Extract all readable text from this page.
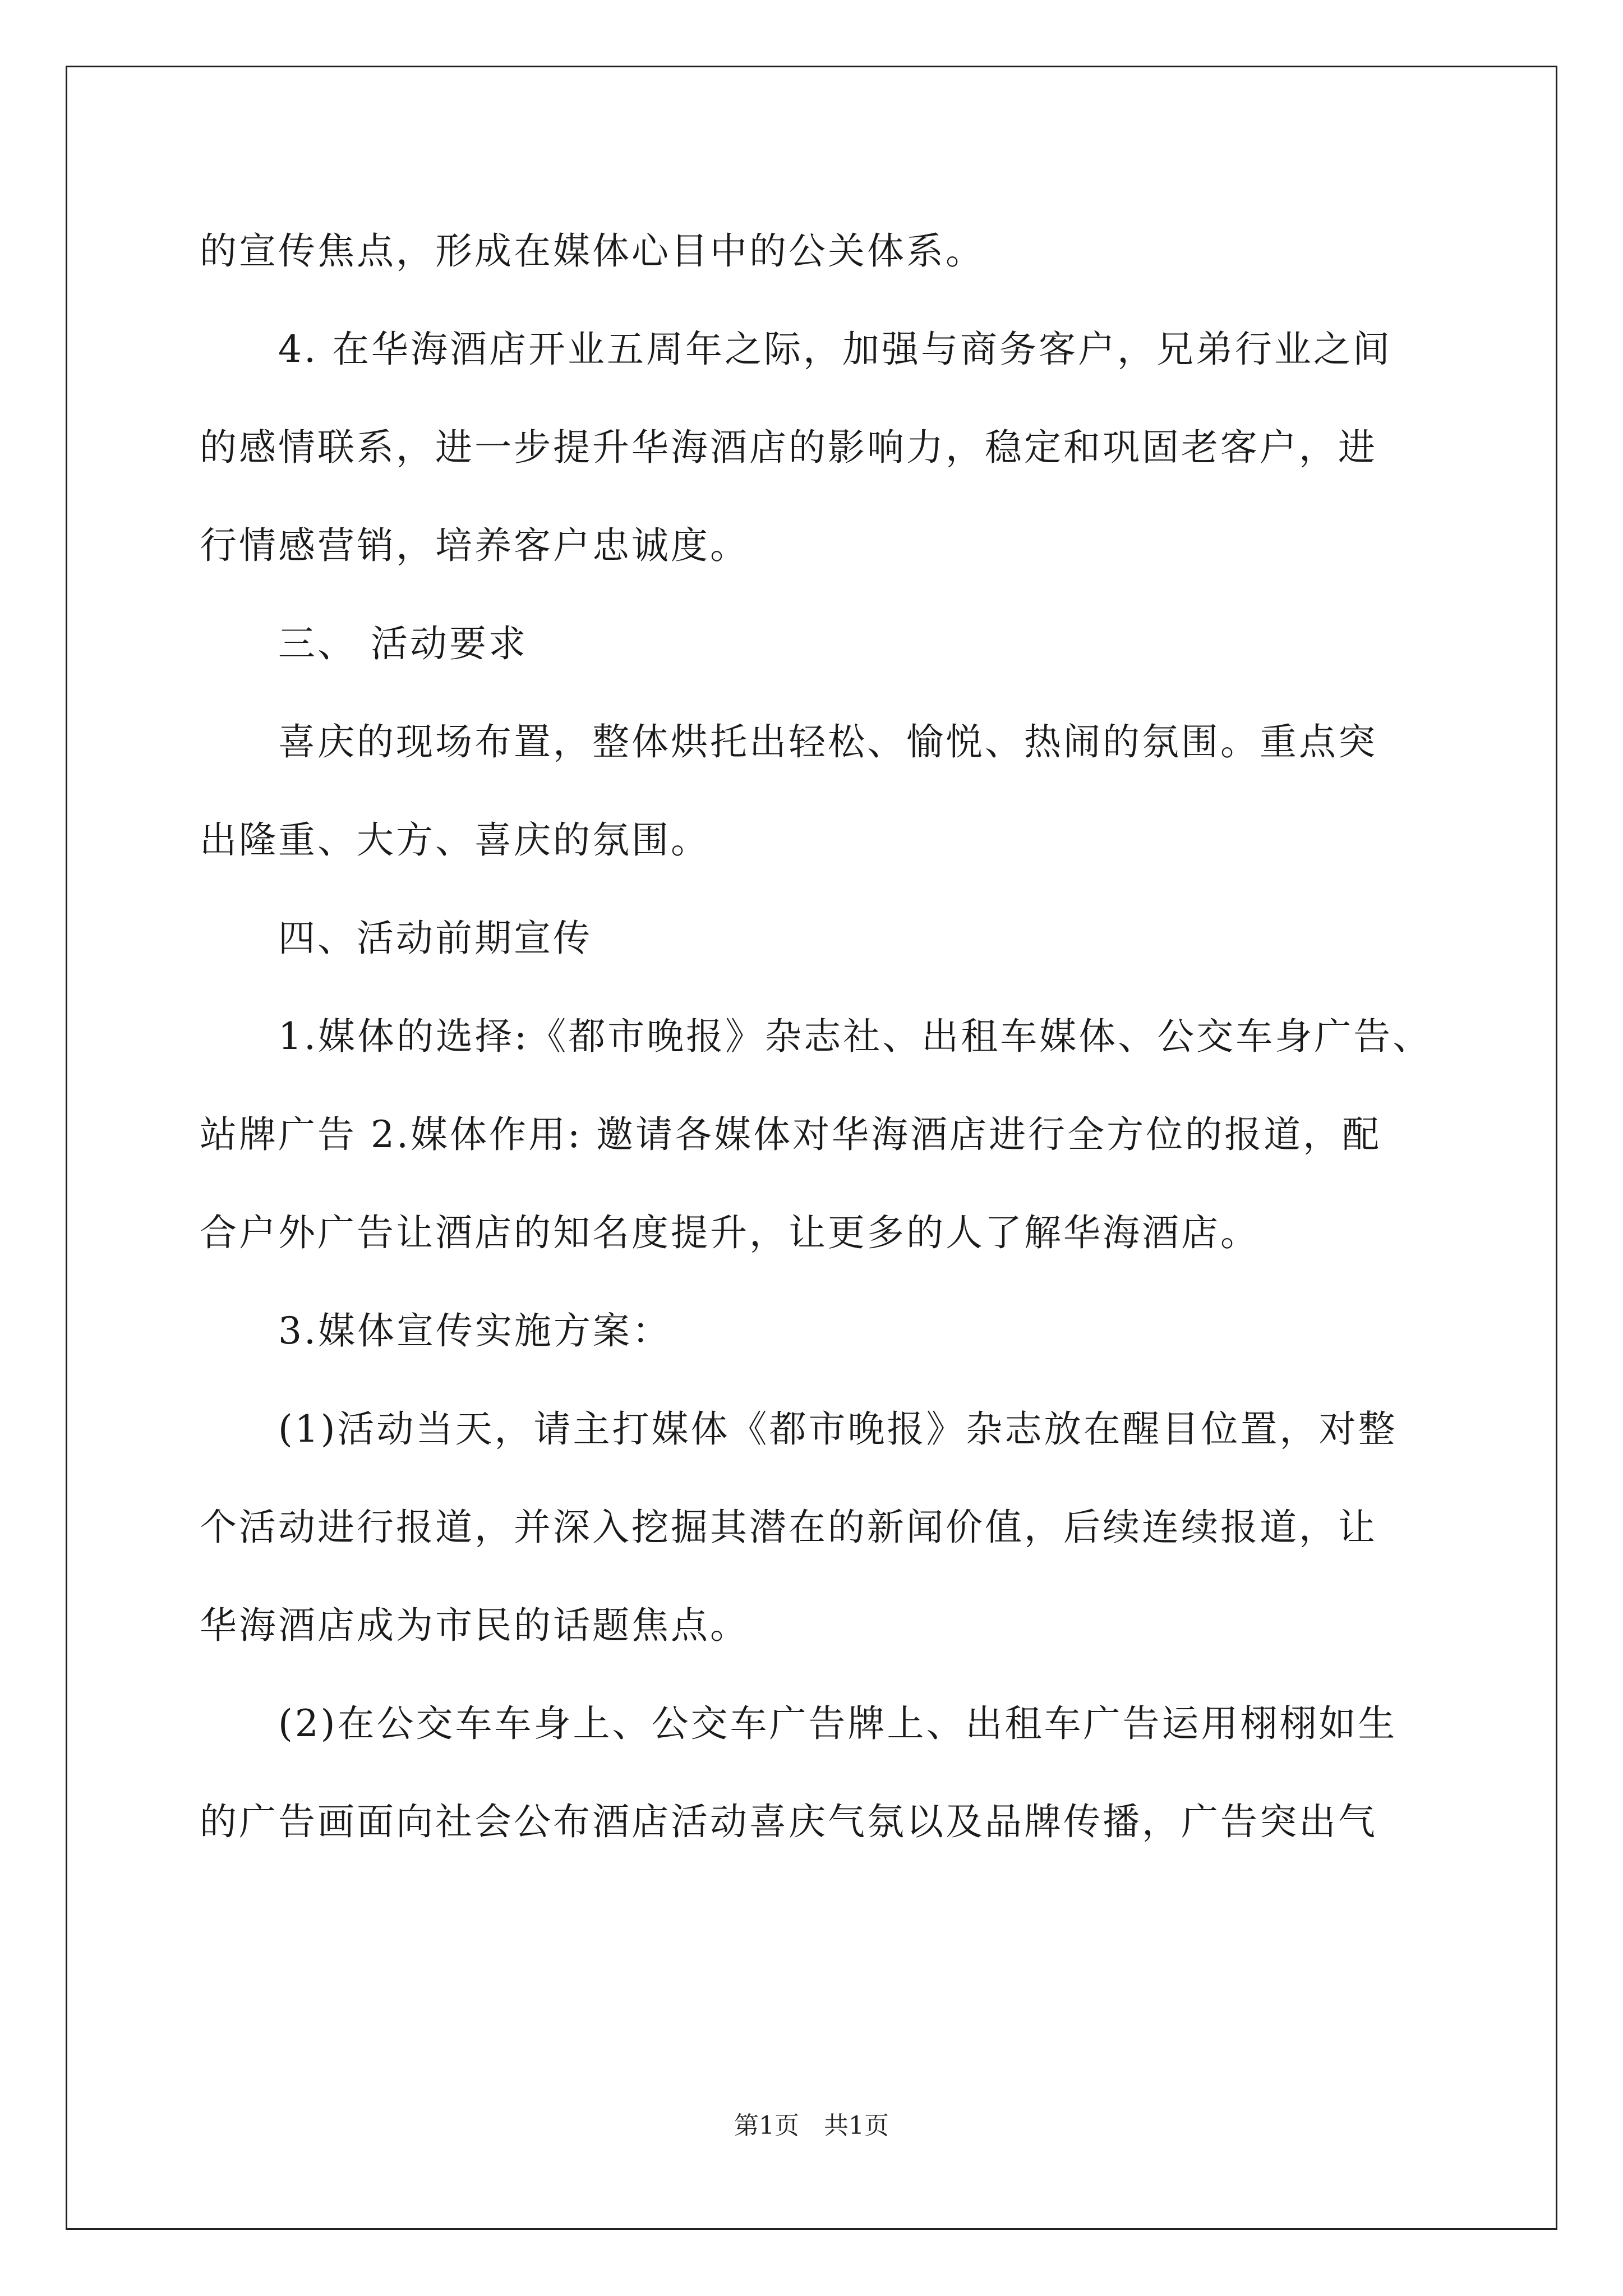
的宣传焦点，形成在媒体心目中的公关体系。
4. 在华海酒店开业五周年之际，加强与商务客户，兄弟行业之间
的感情联系，进一步提升华海酒店的影响力，稳定和巩固老客户，进
行情感营销，培养客户忠诚度。
三、 活动要求
喜庆的现场布置，整体烘托出轻松、愉悦、热闹的氛围。重点突
出隆重、大方、喜庆的氛围。
四、活动前期宣传
1.媒体的选择:《都市晚报》杂志社、出租车媒体、公交车身广告、
站牌广告 2.媒体作用: 邀请各媒体对华海酒店进行全方位的报道，配
合户外广告让酒店的知名度提升，让更多的人了解华海酒店。
3.媒体宣传实施方案：
(1)活动当天，请主打媒体《都市晚报》杂志放在醒目位置，对整
个活动进行报道，并深入挖掘其潜在的新闻价值，后续连续报道，让
华海酒店成为市民的话题焦点。
(2)在公交车车身上、公交车广告牌上、出租车广告运用栩栩如生
的广告画面向社会公布酒店活动喜庆气氛以及品牌传播，广告突出气
第1页　共1页
